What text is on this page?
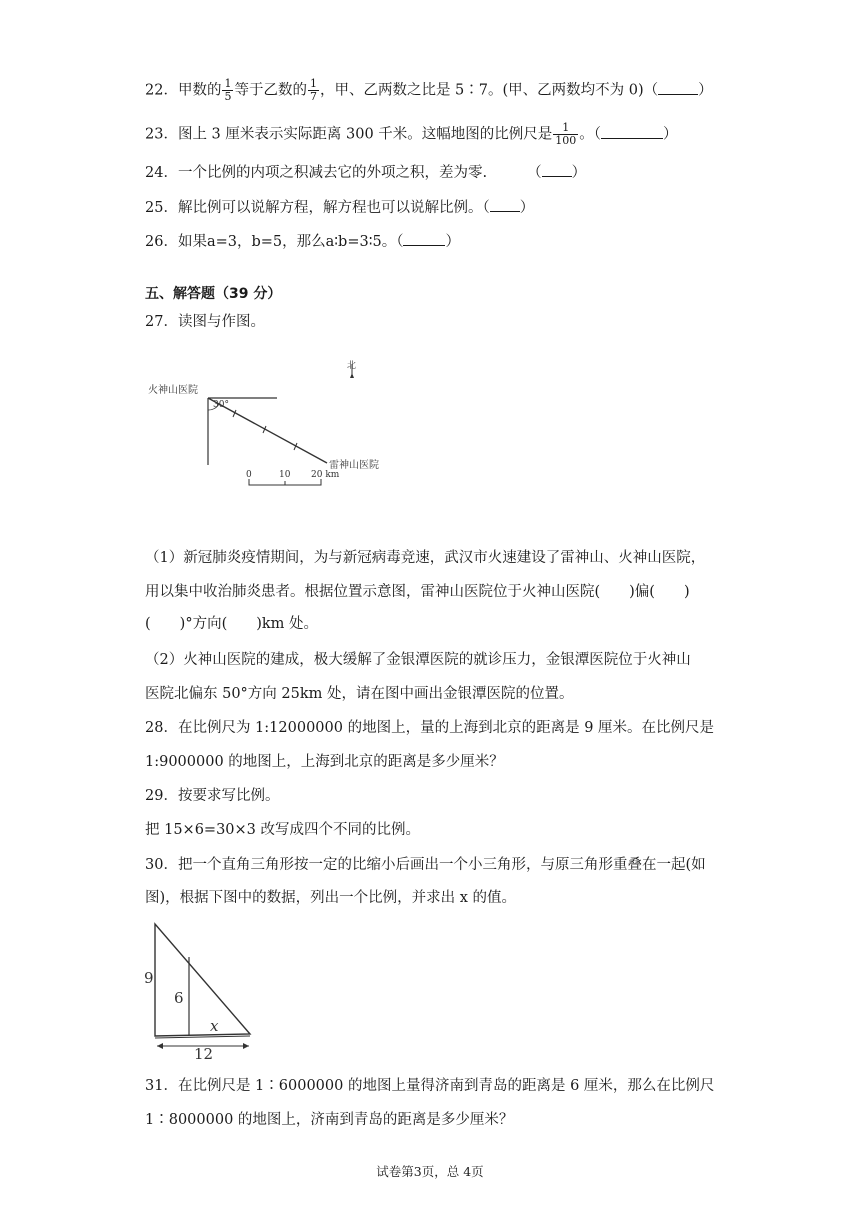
22．甲数的 $\frac{1}{5}$ 等于乙数的 $\frac{1}{7}$ ，甲、乙两数之比是 5∶7。(甲、乙两数均不为 0)（	）
23．图上 3 厘米表示实际距离 300 千米。这幅地图的比例尺是 $\frac{1}{100}$ 。（	）
24．一个比例的内项之积减去它的外项之积，差为零.	（ ）
25．解比例可以说解方程，解方程也可以说解比例。（ ）
26．如果a=3，b=5，那么a∶b=3∶5。（	）
五、解答题（39 分）
27．读图与作图。
火神山医院
30°
北
雷神山医院
0	10 20 km
（1）新冠肺炎疫情期间，为与新冠病毒竞速，武汉市火速建设了雷神山、火神山医院，
用以集中收治肺炎患者。根据位置示意图，雷神山医院位于火神山医院(　　)偏(　　)
(　　)°方向(　　)km 处。
（2）火神山医院的建成，极大缓解了金银潭医院的就诊压力，金银潭医院位于火神山
医院北偏东 50°方向 25km 处，请在图中画出金银潭医院的位置。
28．在比例尺为 1:12000000 的地图上，量的上海到北京的距离是 9 厘米。在比例尺是
1:9000000 的地图上，上海到北京的距离是多少厘米？
29．按要求写比例。
把 15×6=30×3 改写成四个不同的比例。
30．把一个直角三角形按一定的比缩小后画出一个小三角形，与原三角形重叠在一起(如
图)，根据下图中的数据，列出一个比例，并求出 x 的值。
9
6
x
12
31．在比例尺是 1∶6000000 的地图上量得济南到青岛的距离是 6 厘米，那么在比例尺
1∶8000000 的地图上，济南到青岛的距离是多少厘米？
试卷第3页，总 4页
